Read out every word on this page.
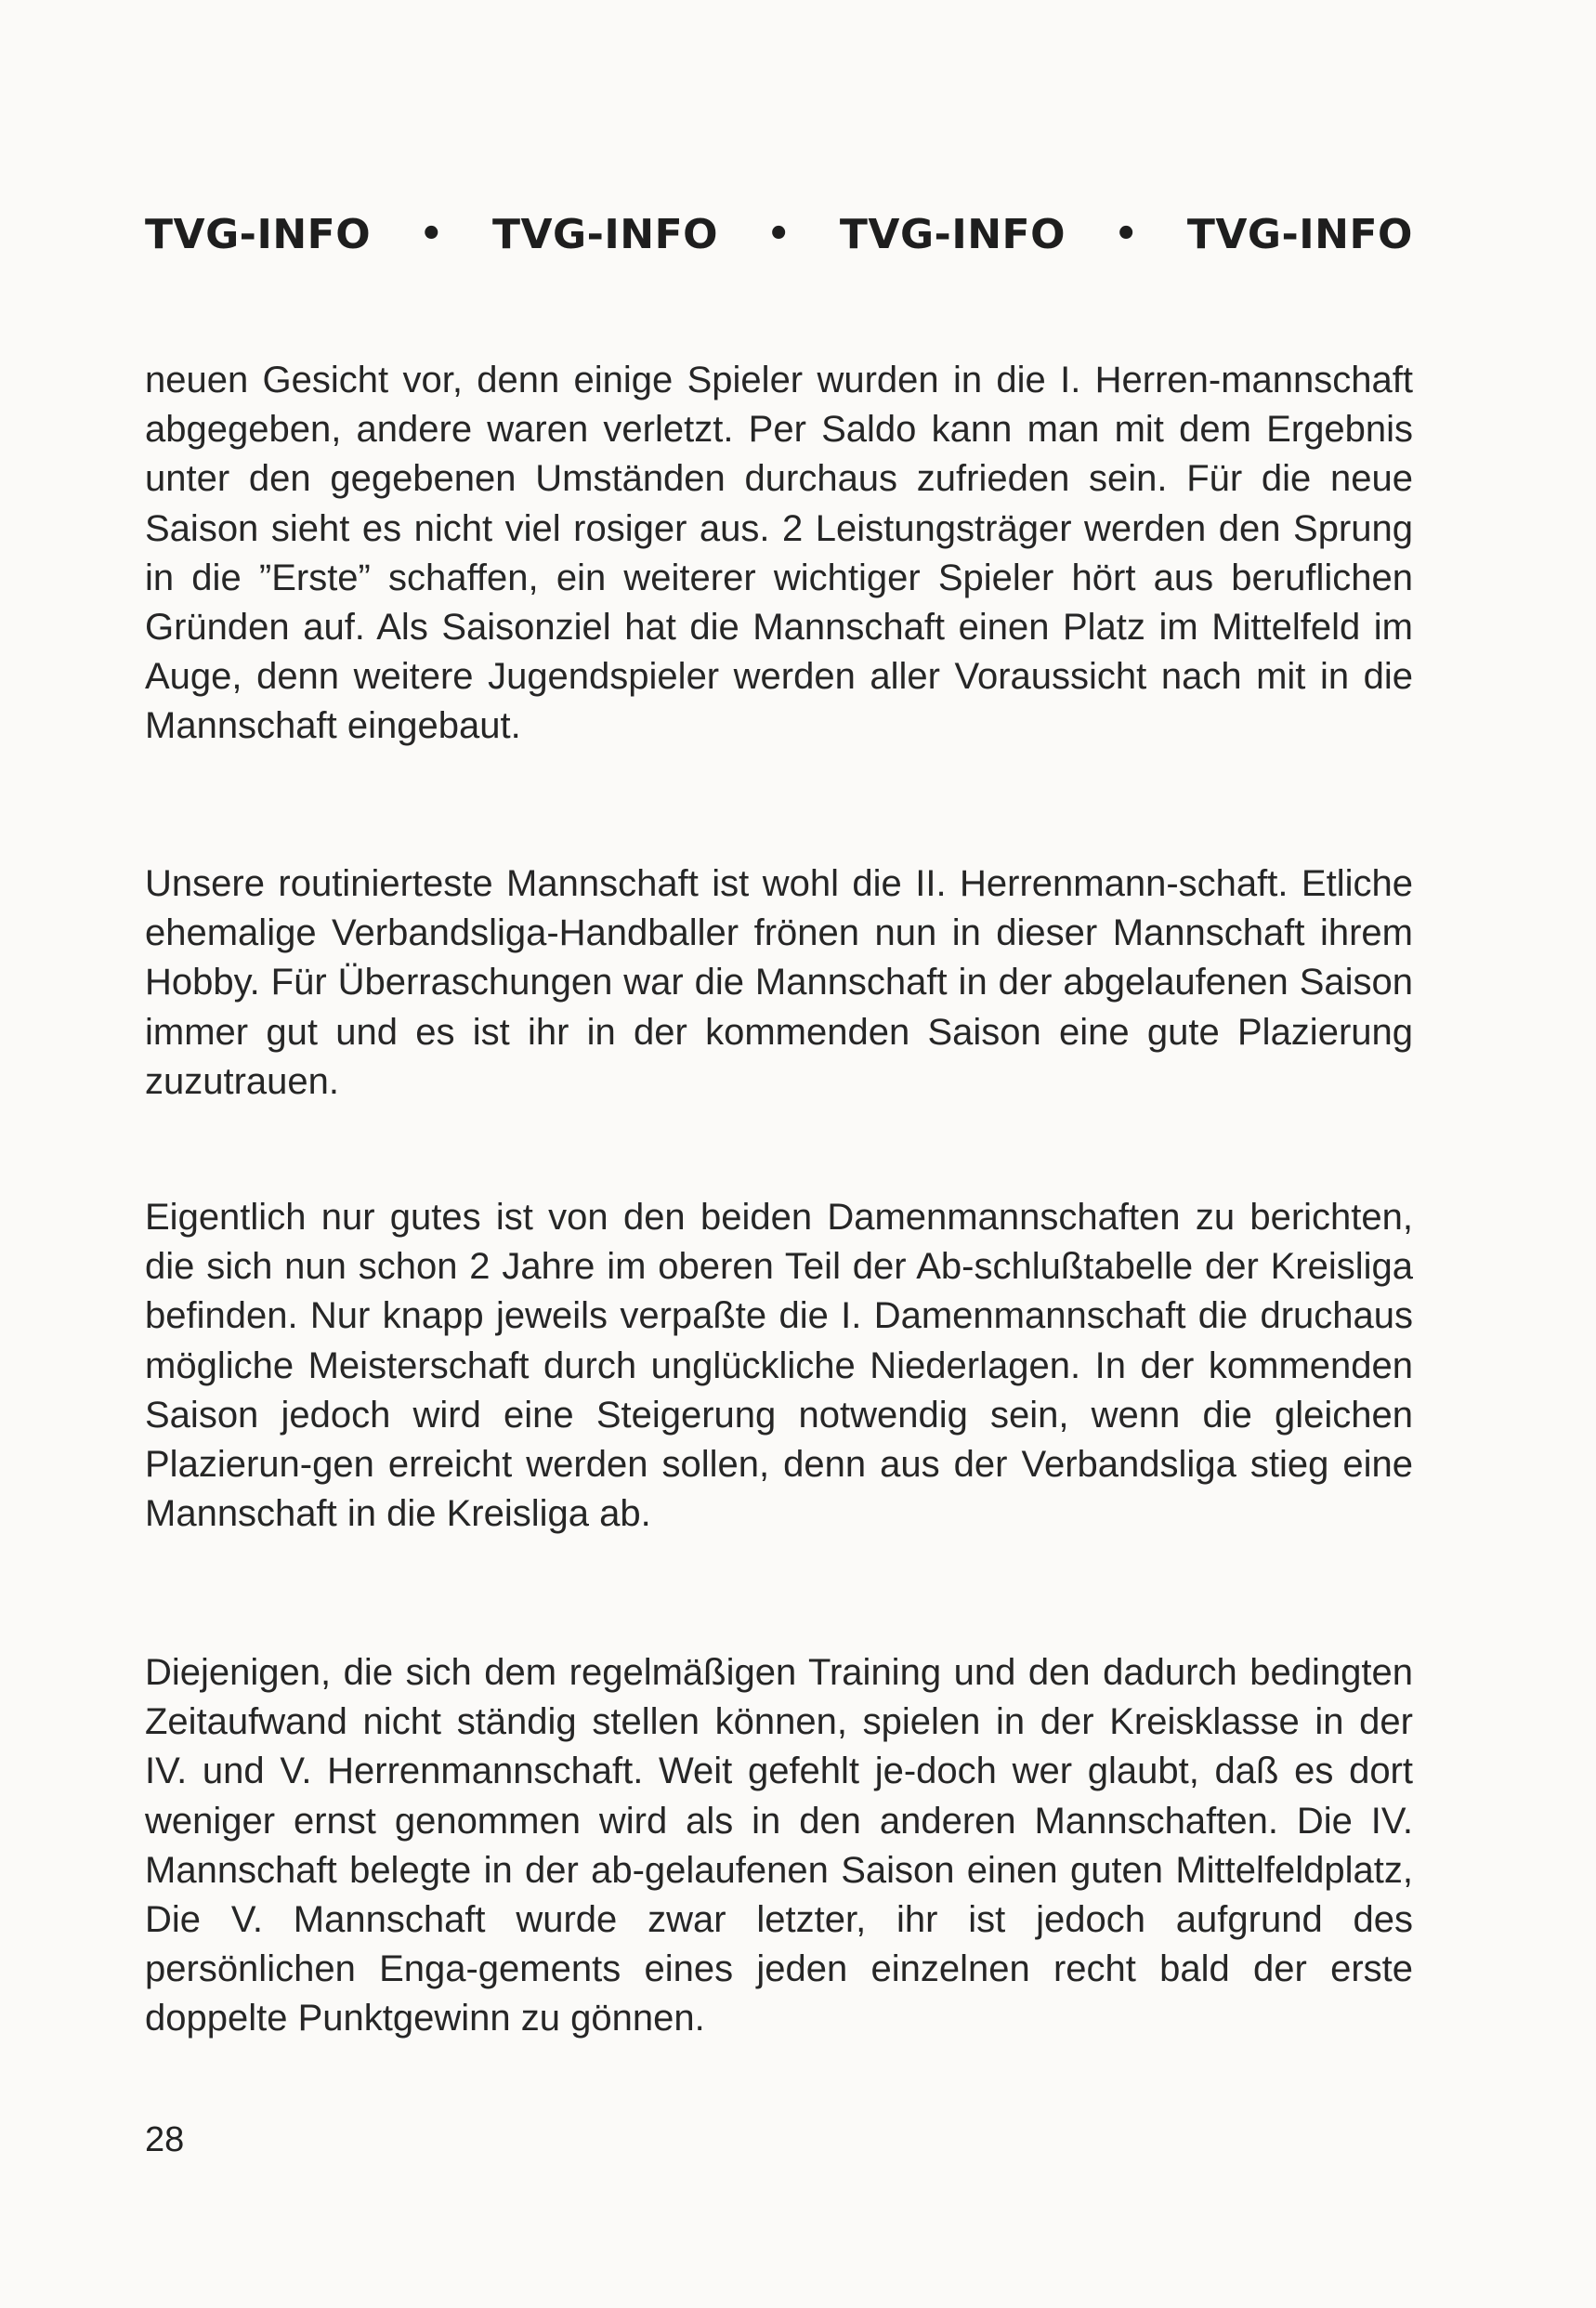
TVG-INFO • TVG-INFO • TVG-INFO • TVG-INFO

neuen Gesicht vor, denn einige Spieler wurden in die I. Herren-mannschaft abgegeben, andere waren verletzt. Per Saldo kann man mit dem Ergebnis unter den gegebenen Umständen durchaus zufrieden sein. Für die neue Saison sieht es nicht viel rosiger aus. 2 Leistungsträger werden den Sprung in die ”Erste” schaffen, ein weiterer wichtiger Spieler hört aus beruflichen Gründen auf. Als Saisonziel hat die Mannschaft einen Platz im Mittelfeld im Auge, denn weitere Jugendspieler werden aller Voraussicht nach mit in die Mannschaft eingebaut.

Unsere routinierteste Mannschaft ist wohl die II. Herrenmann-schaft. Etliche ehemalige Verbandsliga-Handballer frönen nun in dieser Mannschaft ihrem Hobby. Für Überraschungen war die Mannschaft in der abgelaufenen Saison immer gut und es ist ihr in der kommenden Saison eine gute Plazierung zuzutrauen.

Eigentlich nur gutes ist von den beiden Damenmannschaften zu berichten, die sich nun schon 2 Jahre im oberen Teil der Ab-schlußtabelle der Kreisliga befinden. Nur knapp jeweils verpaßte die I. Damenmannschaft die druchaus mögliche Meisterschaft durch unglückliche Niederlagen. In der kommenden Saison jedoch wird eine Steigerung notwendig sein, wenn die gleichen Plazierun-gen erreicht werden sollen, denn aus der Verbandsliga stieg eine Mannschaft in die Kreisliga ab.

Diejenigen, die sich dem regelmäßigen Training und den dadurch bedingten Zeitaufwand nicht ständig stellen können, spielen in der Kreisklasse in der IV. und V. Herrenmannschaft. Weit gefehlt je-doch wer glaubt, daß es dort weniger ernst genommen wird als in den anderen Mannschaften. Die IV. Mannschaft belegte in der ab-gelaufenen Saison einen guten Mittelfeldplatz, Die V. Mannschaft wurde zwar letzter, ihr ist jedoch aufgrund des persönlichen Enga-gements eines jeden einzelnen recht bald der erste doppelte Punktgewinn zu gönnen.

28
